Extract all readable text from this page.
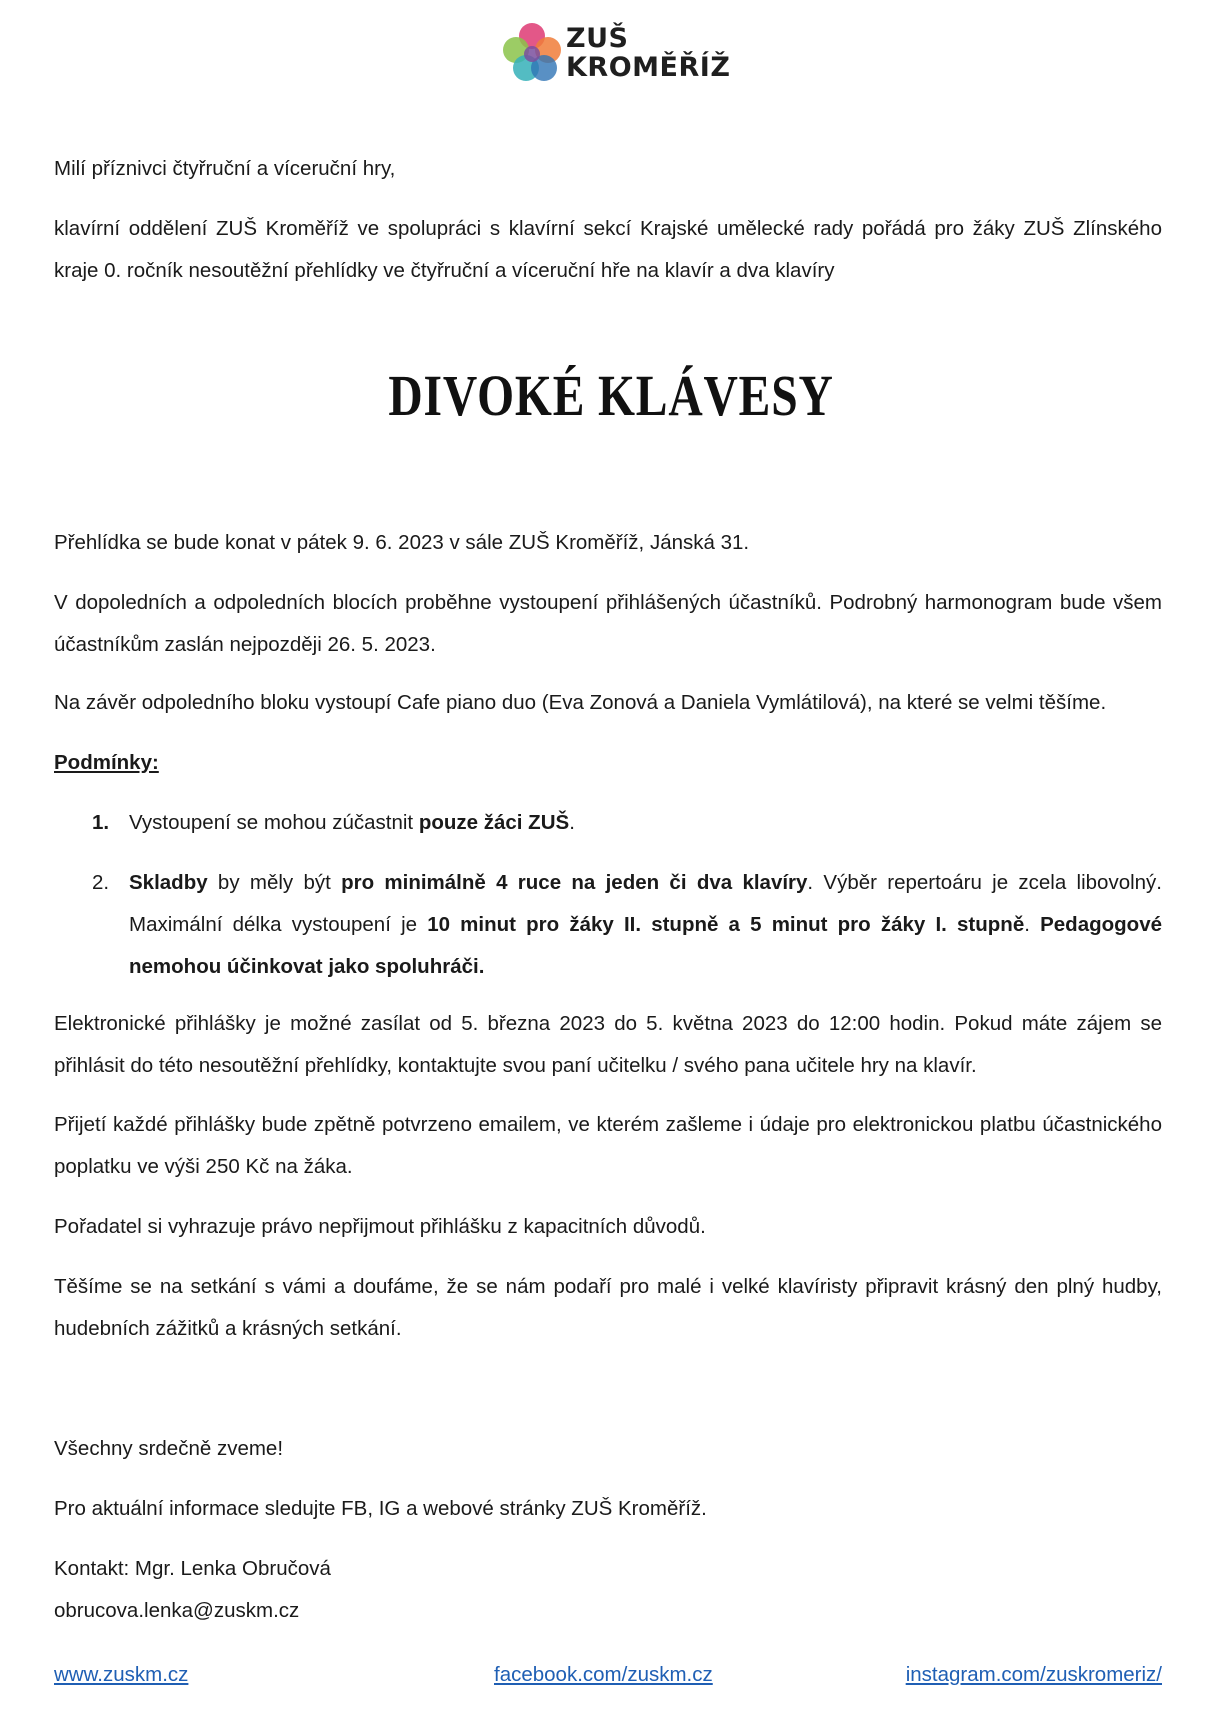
ZUŠ
KROMĚŘÍŽ

Milí příznivci čtyřruční a víceruční hry,

klavírní oddělení ZUŠ Kroměříž ve spolupráci s klavírní sekcí Krajské umělecké rady pořádá pro žáky ZUŠ Zlínského kraje 0. ročník nesoutěžní přehlídky ve čtyřruční a víceruční hře na klavír a dva klavíry

DIVOKÉ KLÁVESY

Přehlídka se bude konat v pátek 9. 6. 2023 v sále ZUŠ Kroměříž, Jánská 31.

V dopoledních a odpoledních blocích proběhne vystoupení přihlášených účastníků. Podrobný harmonogram bude všem účastníkům zaslán nejpozději 26. 5. 2023.

Na závěr odpoledního bloku vystoupí Cafe piano duo (Eva Zonová a Daniela Vymlátilová), na které se velmi těšíme.

Podmínky:

1. Vystoupení se mohou zúčastnit pouze žáci ZUŠ.
2. Skladby by měly být pro minimálně 4 ruce na jeden či dva klavíry. Výběr repertoáru je zcela libovolný. Maximální délka vystoupení je 10 minut pro žáky II. stupně a 5 minut pro žáky I. stupně. Pedagogové nemohou účinkovat jako spoluhráči.

Elektronické přihlášky je možné zasílat od 5. března 2023 do 5. května 2023 do 12:00 hodin. Pokud máte zájem se přihlásit do této nesoutěžní přehlídky, kontaktujte svou paní učitelku / svého pana učitele hry na klavír.

Přijetí každé přihlášky bude zpětně potvrzeno emailem, ve kterém zašleme i údaje pro elektronickou platbu účastnického poplatku ve výši 250 Kč na žáka.

Pořadatel si vyhrazuje právo nepřijmout přihlášku z kapacitních důvodů.

Těšíme se na setkání s vámi a doufáme, že se nám podaří pro malé i velké klavíristy připravit krásný den plný hudby, hudebních zážitků a krásných setkání.

Všechny srdečně zveme!

Pro aktuální informace sledujte FB, IG a webové stránky ZUŠ Kroměříž.

Kontakt: Mgr. Lenka Obručová
obrucova.lenka@zuskm.cz

www.zuskm.cz	facebook.com/zuskm.cz	instagram.com/zuskromeriz/
